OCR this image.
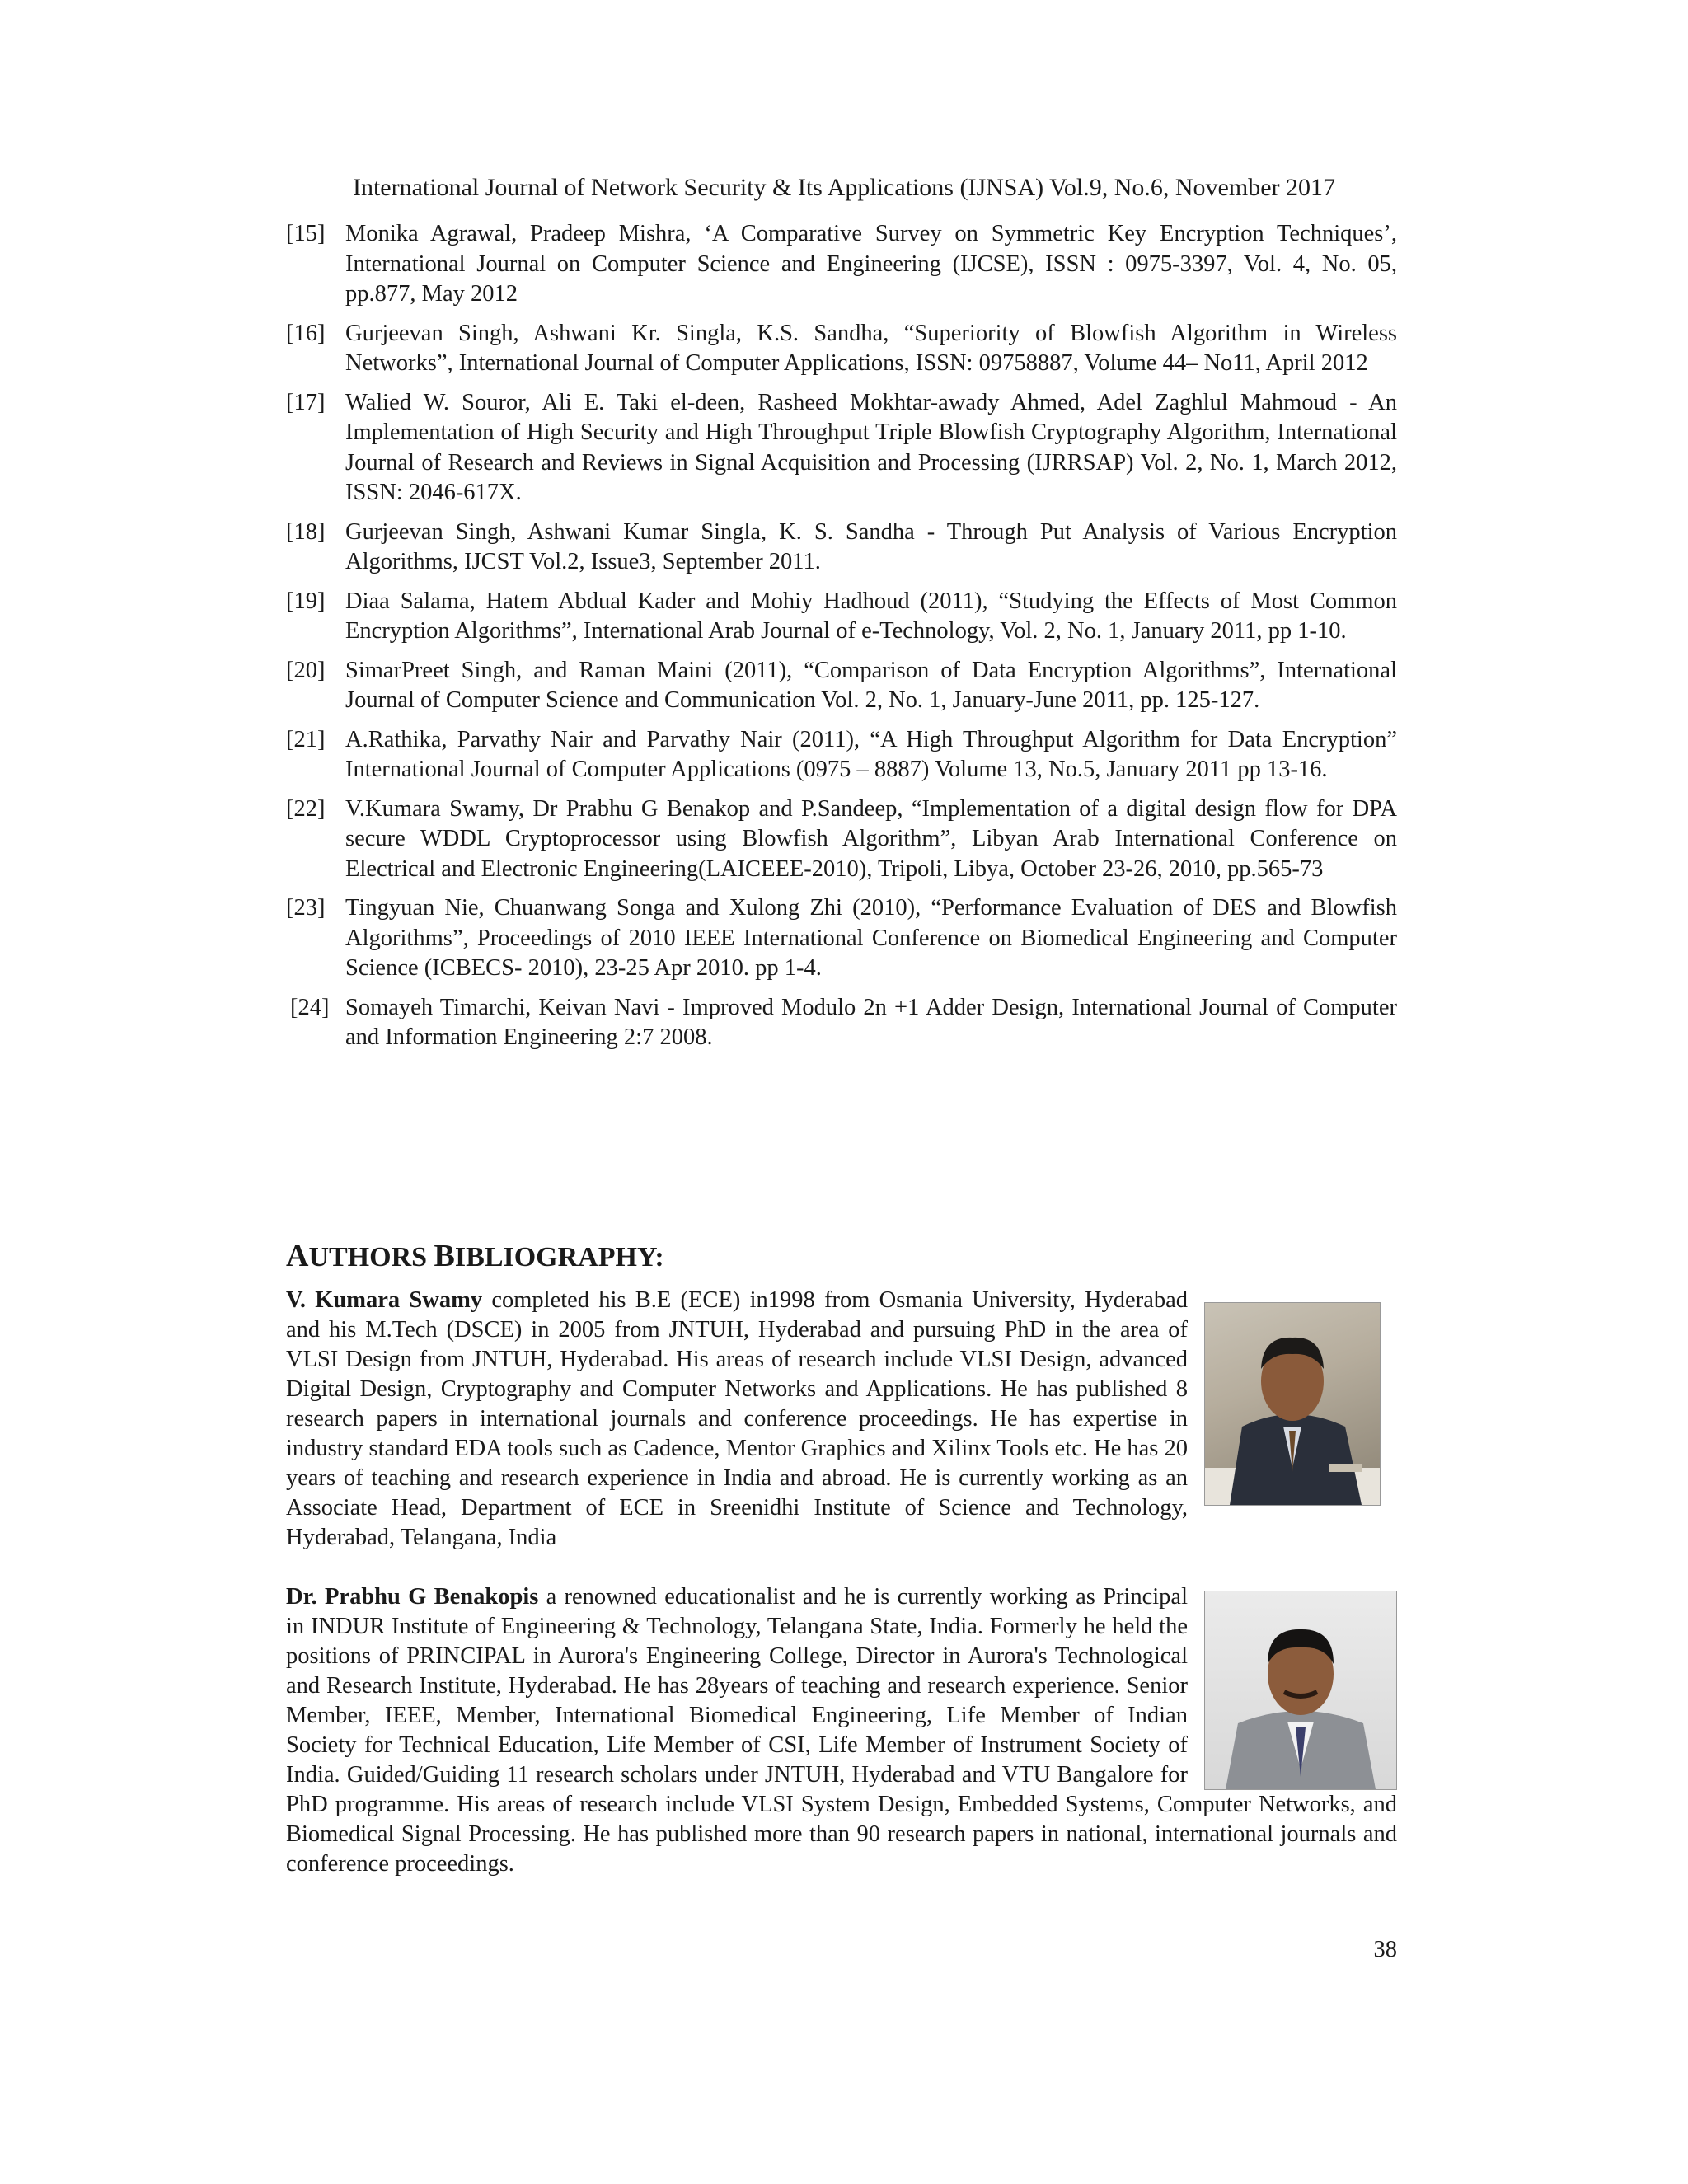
International Journal of Network Security & Its Applications (IJNSA) Vol.9, No.6, November 2017
[15] Monika Agrawal, Pradeep Mishra, ‘A Comparative Survey on Symmetric Key Encryption Techniques’, International Journal on Computer Science and Engineering (IJCSE), ISSN : 0975-3397, Vol. 4, No. 05, pp.877, May 2012
[16] Gurjeevan Singh, Ashwani Kr. Singla, K.S. Sandha, “Superiority of Blowfish Algorithm in Wireless Networks”, International Journal of Computer Applications, ISSN: 09758887, Volume 44– No11, April 2012
[17] Walied W. Souror, Ali E. Taki el-deen, Rasheed Mokhtar-awady Ahmed, Adel Zaghlul Mahmoud - An Implementation of High Security and High Throughput Triple Blowfish Cryptography Algorithm, International Journal of Research and Reviews in Signal Acquisition and Processing (IJRRSAP) Vol. 2, No. 1, March 2012, ISSN: 2046-617X.
[18] Gurjeevan Singh, Ashwani Kumar Singla, K. S. Sandha - Through Put Analysis of Various Encryption Algorithms, IJCST Vol.2, Issue3, September 2011.
[19] Diaa Salama, Hatem Abdual Kader and Mohiy Hadhoud (2011), “Studying the Effects of Most Common Encryption Algorithms”, International Arab Journal of e-Technology, Vol. 2, No. 1, January 2011, pp 1-10.
[20] SimarPreet Singh, and Raman Maini (2011), “Comparison of Data Encryption Algorithms”, International Journal of Computer Science and Communication Vol. 2, No. 1, January-June 2011, pp. 125-127.
[21] A.Rathika, Parvathy Nair and Parvathy Nair (2011), “A High Throughput Algorithm for Data Encryption” International Journal of Computer Applications (0975 – 8887) Volume 13, No.5, January 2011 pp 13-16.
[22] V.Kumara Swamy, Dr Prabhu G Benakop and P.Sandeep, “Implementation of a digital design flow for DPA secure WDDL Cryptoprocessor using Blowfish Algorithm”, Libyan Arab International Conference on Electrical and Electronic Engineering(LAICEEE-2010), Tripoli, Libya, October 23-26, 2010, pp.565-73
[23] Tingyuan Nie, Chuanwang Songa and Xulong Zhi (2010), “Performance Evaluation of DES and Blowfish Algorithms”, Proceedings of 2010 IEEE International Conference on Biomedical Engineering and Computer Science (ICBECS- 2010), 23-25 Apr 2010. pp 1-4.
[24] Somayeh Timarchi, Keivan Navi - Improved Modulo 2n +1 Adder Design, International Journal of Computer and Information Engineering 2:7 2008.
AUTHORS BIBLIOGRAPHY:
V. Kumara Swamy completed his B.E (ECE) in1998 from Osmania University, Hyderabad and his M.Tech (DSCE) in 2005 from JNTUH, Hyderabad and pursuing PhD in the area of VLSI Design from JNTUH, Hyderabad. His areas of research include VLSI Design, advanced Digital Design, Cryptography and Computer Networks and Applications. He has published 8 research papers in international journals and conference proceedings. He has expertise in industry standard EDA tools such as Cadence, Mentor Graphics and Xilinx Tools etc. He has 20 years of teaching and research experience in India and abroad. He is currently working as an Associate Head, Department of ECE in Sreenidhi Institute of Science and Technology, Hyderabad, Telangana, India
Dr. Prabhu G Benakopis a renowned educationalist and he is currently working as Principal in INDUR Institute of Engineering & Technology, Telangana State, India. Formerly he held the positions of PRINCIPAL in Aurora's Engineering College, Director in Aurora's Technological and Research Institute, Hyderabad. He has 28years of teaching and research experience. Senior Member, IEEE, Member, International Biomedical Engineering, Life Member of Indian Society for Technical Education, Life Member of CSI, Life Member of Instrument Society of India. Guided/Guiding 11 research scholars under JNTUH, Hyderabad and VTU Bangalore for PhD programme. His areas of research include VLSI System Design, Embedded Systems, Computer Networks, and Biomedical Signal Processing. He has published more than 90 research papers in national, international journals and conference proceedings.
38
